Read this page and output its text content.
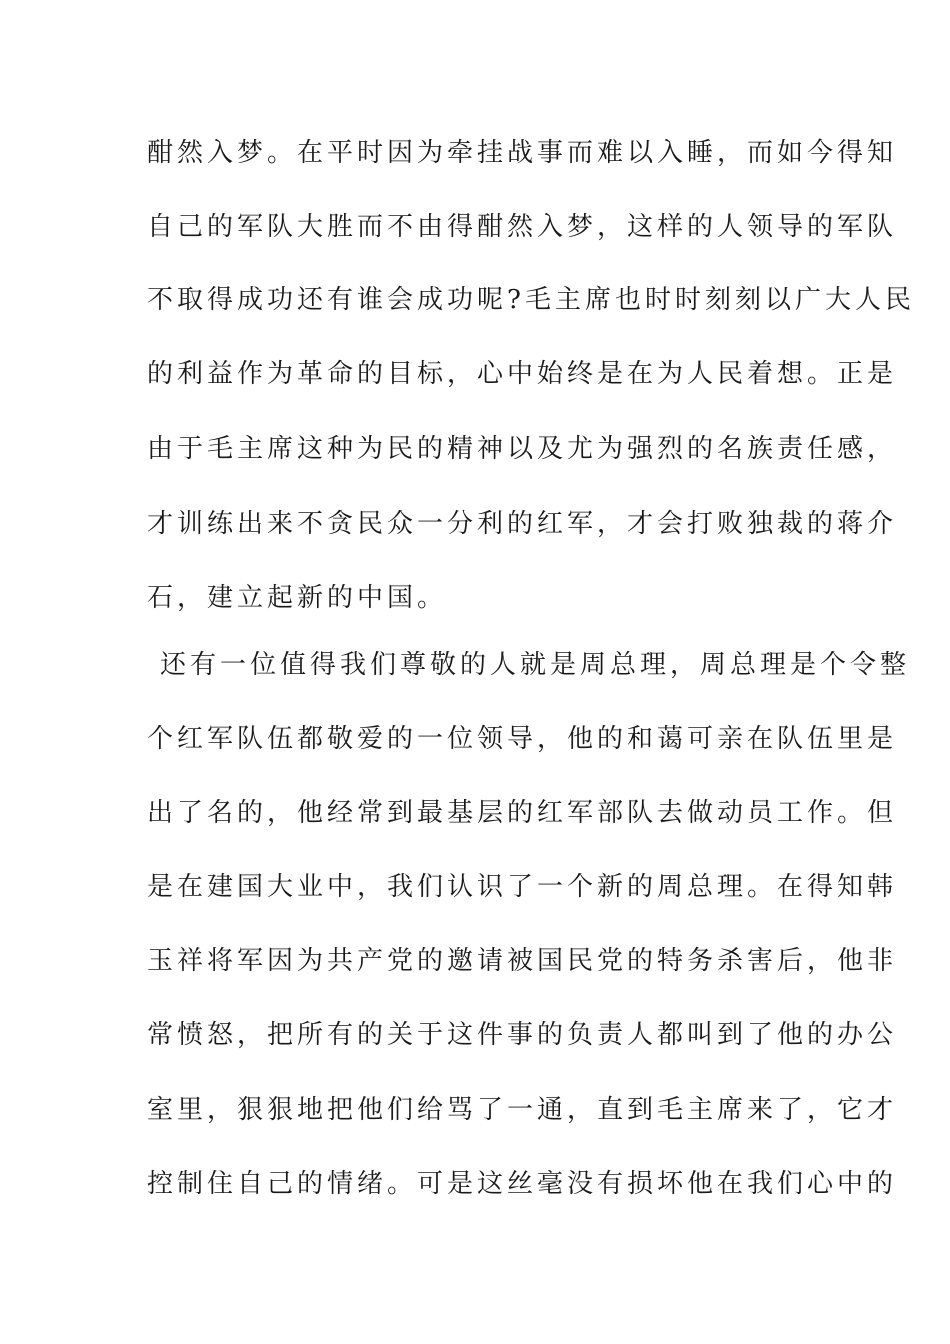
酣然入梦。在平时因为牵挂战事而难以入睡，而如今得知
自己的军队大胜而不由得酣然入梦，这样的人领导的军队
不取得成功还有谁会成功呢?毛主席也时时刻刻以广大人民
的利益作为革命的目标，心中始终是在为人民着想。正是
由于毛主席这种为民的精神以及尤为强烈的名族责任感，
才训练出来不贪民众一分利的红军，才会打败独裁的蒋介
石，建立起新的中国。
还有一位值得我们尊敬的人就是周总理，周总理是个令整
个红军队伍都敬爱的一位领导，他的和蔼可亲在队伍里是
出了名的，他经常到最基层的红军部队去做动员工作。但
是在建国大业中，我们认识了一个新的周总理。在得知韩
玉祥将军因为共产党的邀请被国民党的特务杀害后，他非
常愤怒，把所有的关于这件事的负责人都叫到了他的办公
室里，狠狠地把他们给骂了一通，直到毛主席来了，它才
控制住自己的情绪。可是这丝毫没有损坏他在我们心中的
